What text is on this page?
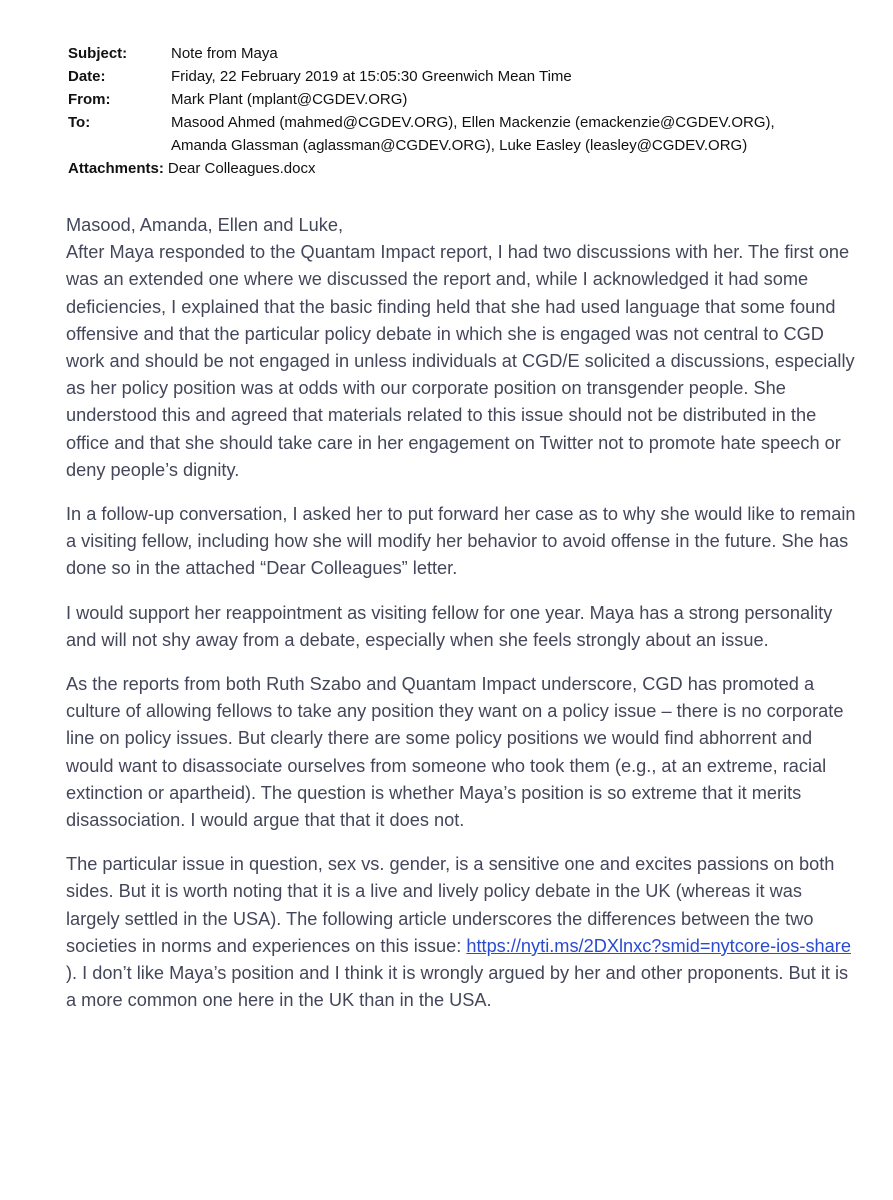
Subject:	Note from Maya
Date:	Friday, 22 February 2019 at 15:05:30 Greenwich Mean Time
From:	Mark Plant (mplant@CGDEV.ORG)
To:	Masood Ahmed (mahmed@CGDEV.ORG), Ellen Mackenzie (emackenzie@CGDEV.ORG),
Amanda Glassman (aglassman@CGDEV.ORG), Luke Easley (leasley@CGDEV.ORG)
Attachments: Dear Colleagues.docx

Masood, Amanda, Ellen and Luke,

After Maya responded to the Quantam Impact report, I had two discussions with her. The first one was an extended one where we discussed the report and, while I acknowledged it had some deficiencies, I explained that the basic finding held that she had used language that some found offensive and that the particular policy debate in which she is engaged was not central to CGD work and should be not engaged in unless individuals at CGD/E solicited a discussions, especially as her policy position was at odds with our corporate position on transgender people. She understood this and agreed that materials related to this issue should not be distributed in the office and that she should take care in her engagement on Twitter not to promote hate speech or deny people’s dignity.

In a follow-up conversation, I asked her to put forward her case as to why she would like to remain a visiting fellow, including how she will modify her behavior to avoid offense in the future. She has done so in the attached “Dear Colleagues” letter.

I would support her reappointment as visiting fellow for one year. Maya has a strong personality and will not shy away from a debate, especially when she feels strongly about an issue.

As the reports from both Ruth Szabo and Quantam Impact underscore, CGD has promoted a culture of allowing fellows to take any position they want on a policy issue – there is no corporate line on policy issues. But clearly there are some policy positions we would find abhorrent and would want to disassociate ourselves from someone who took them (e.g., at an extreme, racial extinction or apartheid). The question is whether Maya’s position is so extreme that it merits disassociation. I would argue that that it does not.

The particular issue in question, sex vs. gender, is a sensitive one and excites passions on both sides. But it is worth noting that it is a live and lively policy debate in the UK (whereas it was largely settled in the USA). The following article underscores the differences between the two societies in norms and experiences on this issue: https://nyti.ms/2DXlnxc?smid=nytcore-ios-share ). I don’t like Maya’s position and I think it is wrongly argued by her and other proponents. But it is a more common one here in the UK than in the USA.
